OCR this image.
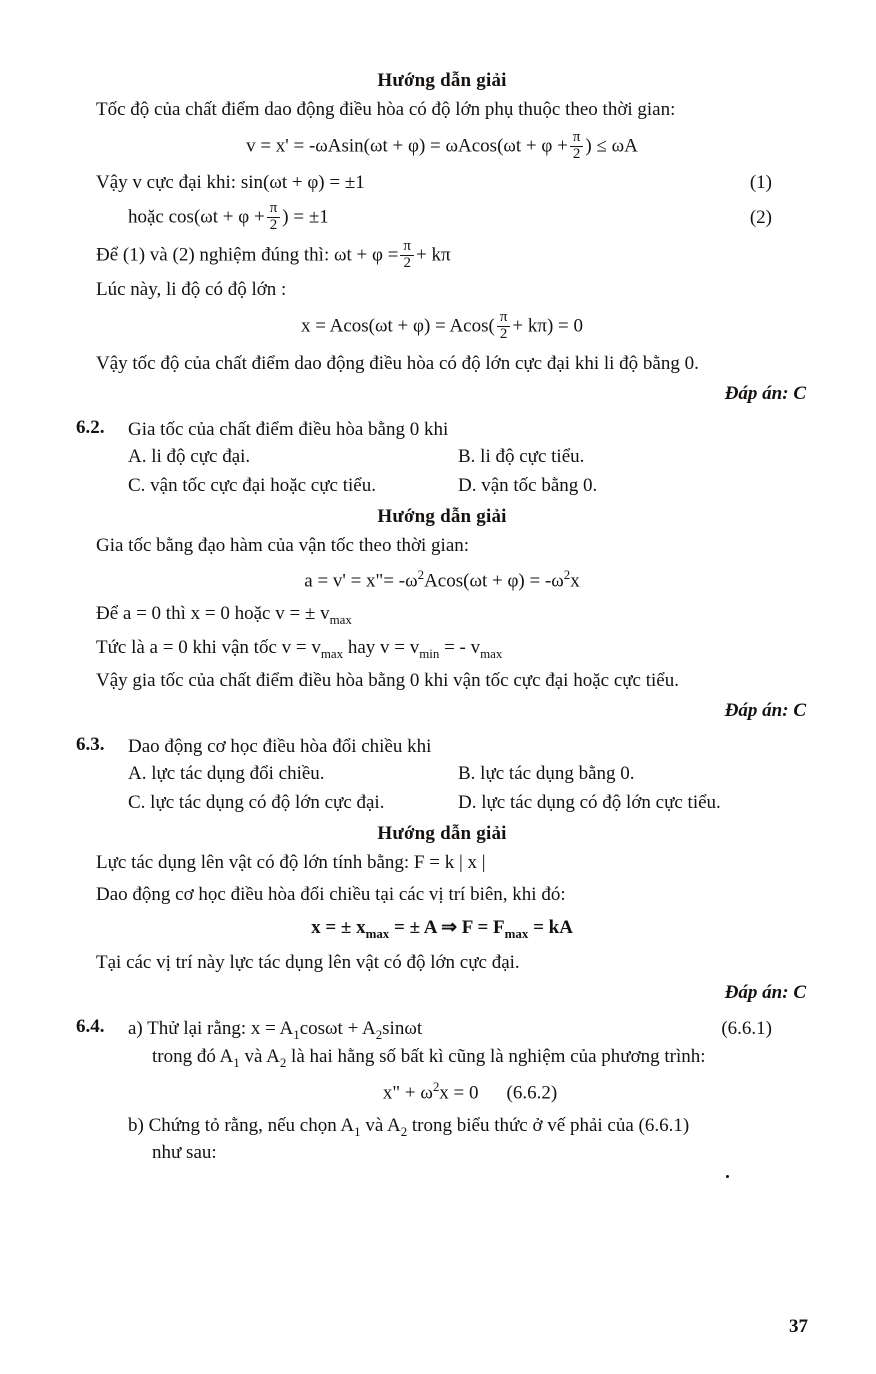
Hướng dẫn giải
Tốc độ của chất điểm dao động điều hòa có độ lớn phụ thuộc theo thời gian:
$v = x' = -\omega Asin(\omega t + \varphi) = \omega Acos(\omega t + \varphi + \frac{\pi}{2}$ ) ≤ ωA
Vậy v cực đại khi: sin(ωt + φ) = ±1	(1)
hoặc $\cos(\omega t + \varphi + \frac{\pi}{2}$ ) = ±1	(2)
Để (1) và (2) nghiệm đúng thì: $\omega t + \varphi = \frac{\pi}{2} + k\pi$
Lúc này, li độ có độ lớn :
$x = Acos(\omega t + \varphi) = Acos( \frac{\pi}{2} + k\pi) = 0$
Vậy tốc độ của chất điểm dao động điều hòa có độ lớn cực đại khi li độ bằng 0.
Đáp án: C
6.2.	Gia tốc của chất điểm điều hòa bằng 0 khi
A. li độ cực đại.	B. li độ cực tiểu.
C. vận tốc cực đại hoặc cực tiểu.	D. vận tốc bằng 0.
Hướng dẫn giải
Gia tốc bằng đạo hàm của vận tốc theo thời gian:
a = v' = x"= $-\omega^2Acos(\omega t + \varphi) = -\omega^2x$
Để a = 0 thì x = 0 hoặc v = ± $v_{max}$
Tức là a = 0 khi vận tốc $v = v_{max}$ hay $v = v_{min}$ = - $v_{max}$
Vậy gia tốc của chất điểm điều hòa bằng 0 khi vận tốc cực đại hoặc cực tiểu.
Đáp án: C
6.3.	Dao động cơ học điều hòa đổi chiều khi
A. lực tác dụng đổi chiều.	B. lực tác dụng bằng 0.
C. lực tác dụng có độ lớn cực đại.	D. lực tác dụng có độ lớn cực tiểu.
Hướng dẫn giải
Lực tác dụng lên vật có độ lớn tính bằng: F = k | x |
Dao động cơ học điều hòa đổi chiều tại các vị trí biên, khi đó:
x = ± $x_{max}$ = ± A ⇒ $F = F_{max}$ = kA
Tại các vị trí này lực tác dụng lên vật có độ lớn cực đại.
Đáp án: C
6.4.	a) Thử lại rằng: $x = A_1\cos\omega t + A_2\sin\omega t$	(6.6.1)
trong đó $A_1$ và $A_2$ là hai hằng số bất kì cũng là nghiệm của phương trình:
x" + $\omega^2x = 0$ (6.6.2)
b) Chứng tỏ rằng, nếu chọn $A_1$ và $A_2$ trong biểu thức ở vế phải của (6.6.1)
như sau:
37
